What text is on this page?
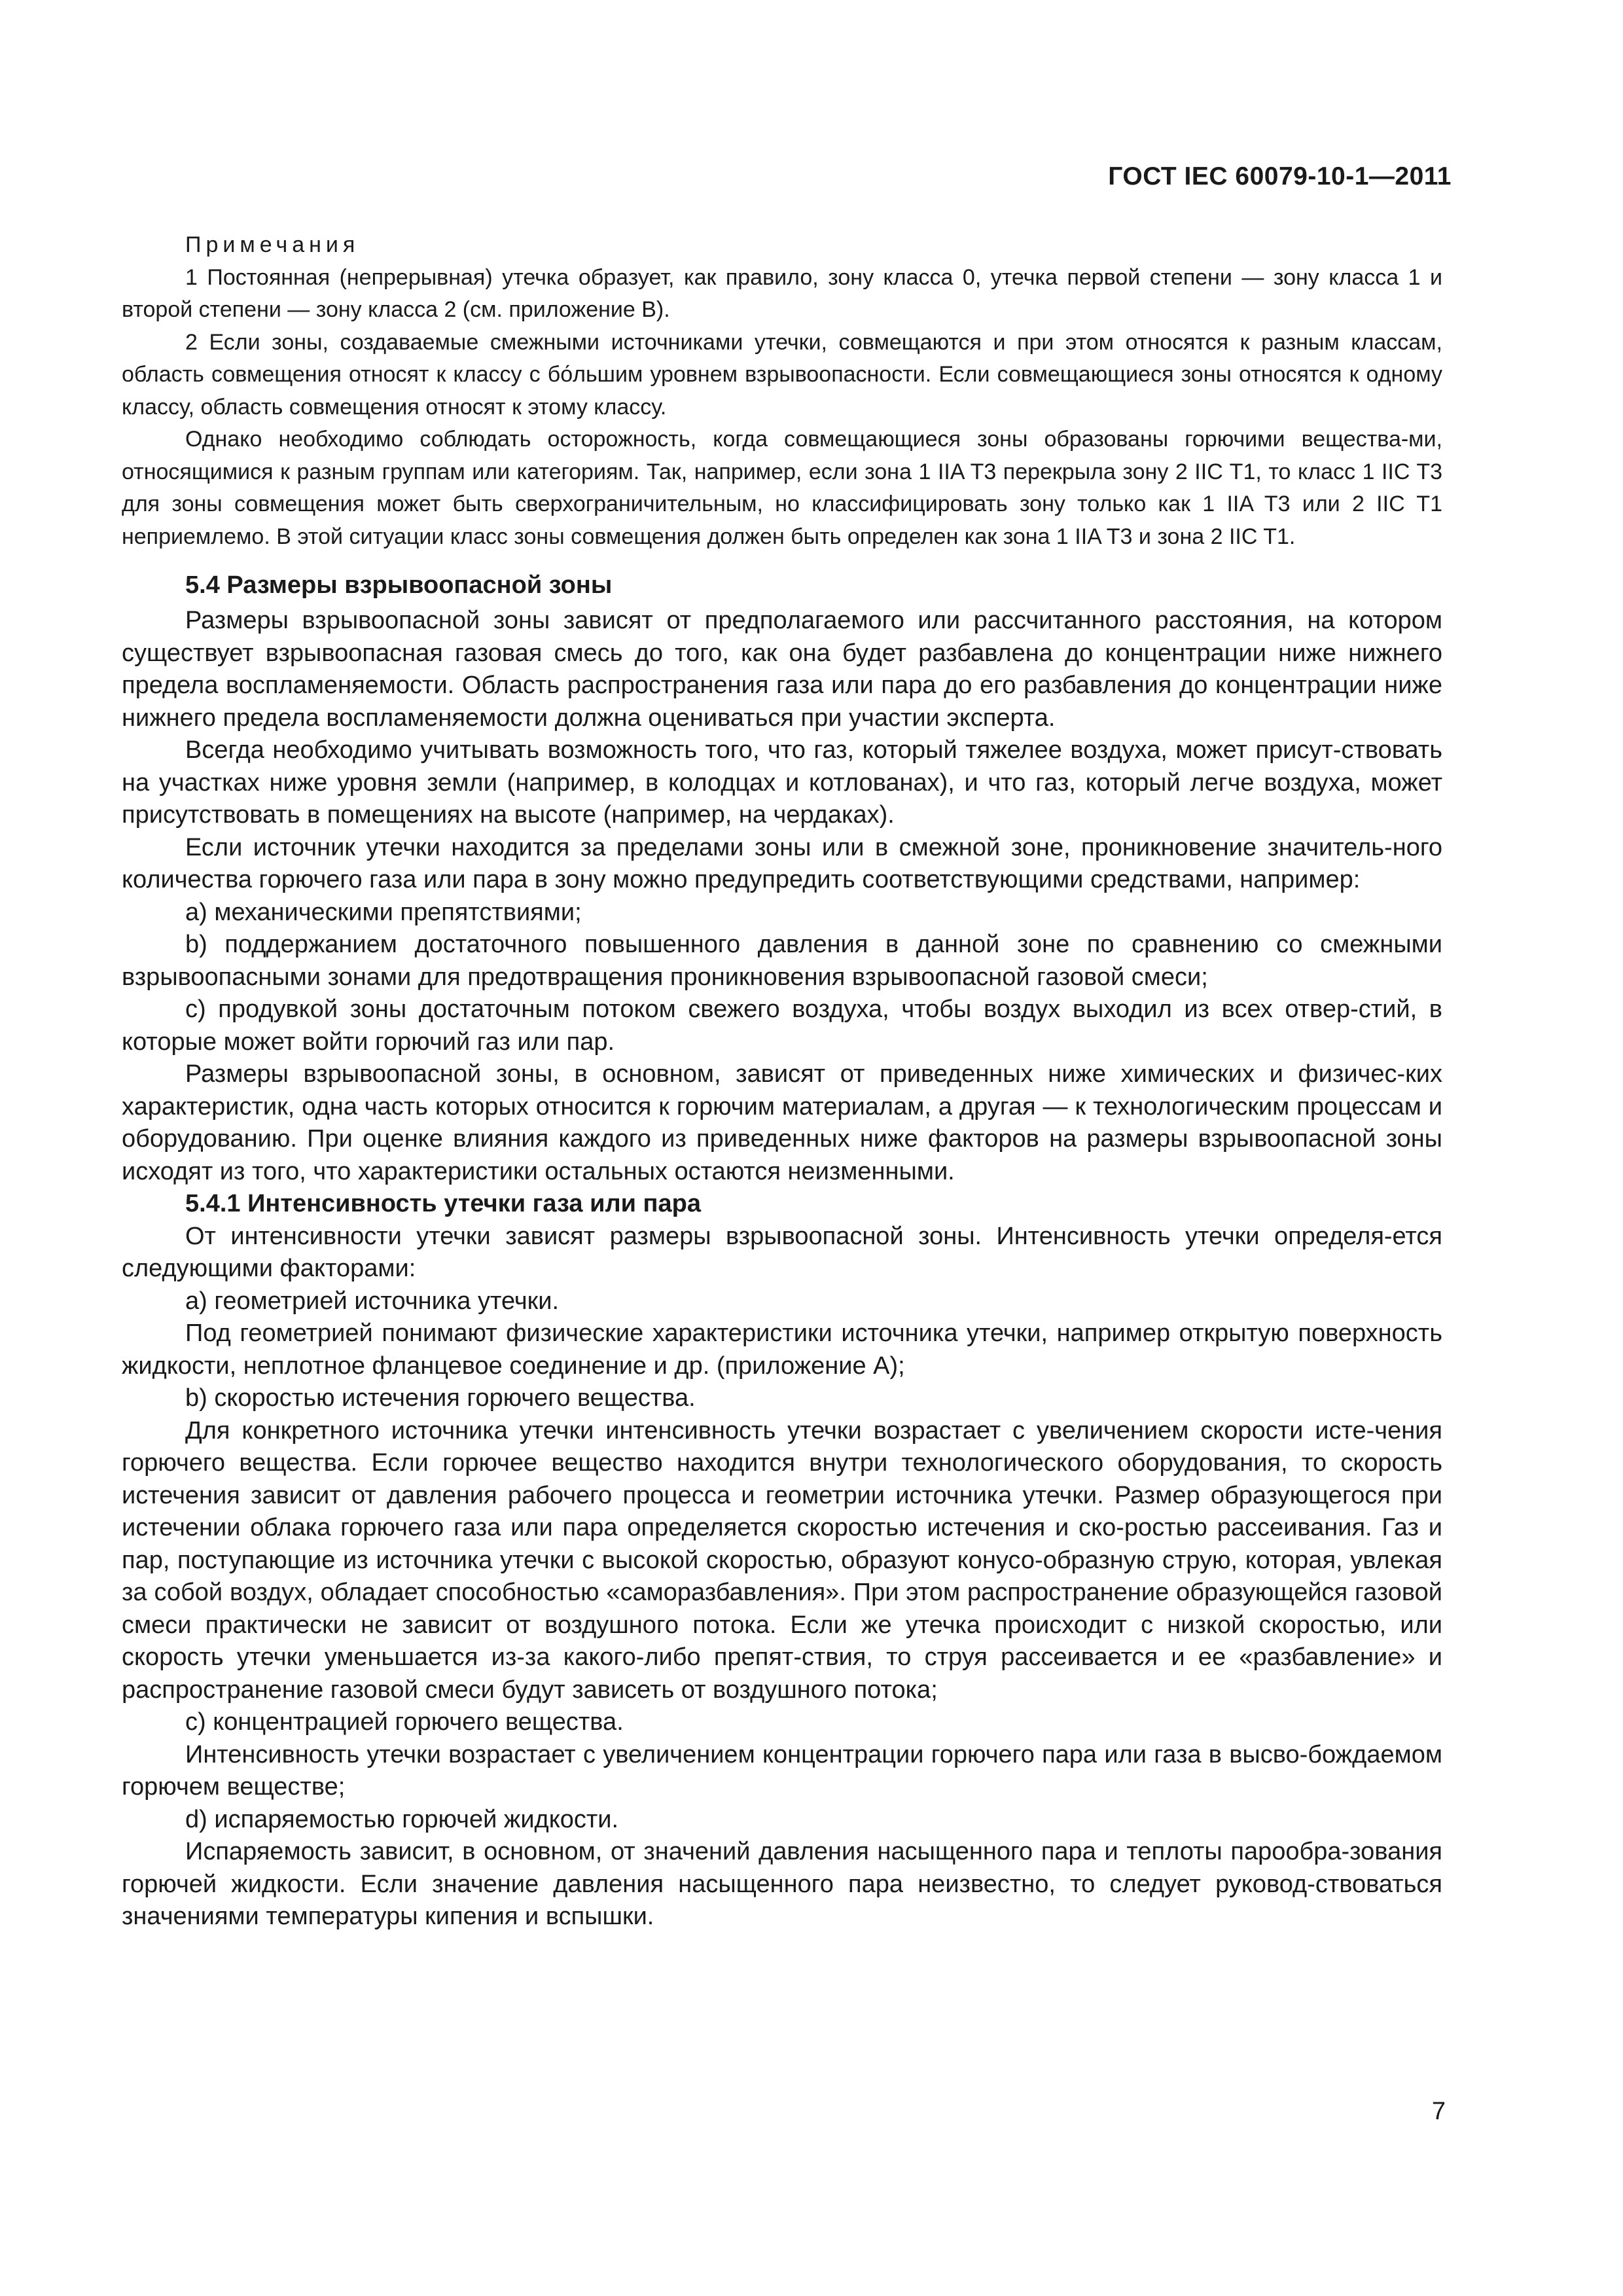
ГОСТ IEC 60079-10-1—2011

Примечания

1 Постоянная (непрерывная) утечка образует, как правило, зону класса 0, утечка первой степени — зону класса 1 и второй степени — зону класса 2 (см. приложение В).

2 Если зоны, создаваемые смежными источниками утечки, совмещаются и при этом относятся к разным классам, область совмещения относят к классу с бо́льшим уровнем взрывоопасности. Если совмещающиеся зоны относятся к одному классу, область совмещения относят к этому классу.

Однако необходимо соблюдать осторожность, когда совмещающиеся зоны образованы горючими вещества-ми, относящимися к разным группам или категориям. Так, например, если зона 1 IIA T3 перекрыла зону 2 IIC T1, то класс 1 IIC T3 для зоны совмещения может быть сверхограничительным, но классифицировать зону только как 1 IIA T3 или 2 IIC T1 неприемлемо. В этой ситуации класс зоны совмещения должен быть определен как зона 1 IIA T3 и зона 2 IIC T1.

5.4 Размеры взрывоопасной зоны

Размеры взрывоопасной зоны зависят от предполагаемого или рассчитанного расстояния, на котором существует взрывоопасная газовая смесь до того, как она будет разбавлена до концентрации ниже нижнего предела воспламеняемости. Область распространения газа или пара до его разбавления до концентрации ниже нижнего предела воспламеняемости должна оцениваться при участии эксперта.

Всегда необходимо учитывать возможность того, что газ, который тяжелее воздуха, может присут-ствовать на участках ниже уровня земли (например, в колодцах и котлованах), и что газ, который легче воздуха, может присутствовать в помещениях на высоте (например, на чердаках).

Если источник утечки находится за пределами зоны или в смежной зоне, проникновение значитель-ного количества горючего газа или пара в зону можно предупредить соответствующими средствами, например:

a) механическими препятствиями;

b) поддержанием достаточного повышенного давления в данной зоне по сравнению со смежными взрывоопасными зонами для предотвращения проникновения взрывоопасной газовой смеси;

c) продувкой зоны достаточным потоком свежего воздуха, чтобы воздух выходил из всех отвер-стий, в которые может войти горючий газ или пар.

Размеры взрывоопасной зоны, в основном, зависят от приведенных ниже химических и физичес-ких характеристик, одна часть которых относится к горючим материалам, а другая — к технологическим процессам и оборудованию. При оценке влияния каждого из приведенных ниже факторов на размеры взрывоопасной зоны исходят из того, что характеристики остальных остаются неизменными.

5.4.1 Интенсивность утечки газа или пара

От интенсивности утечки зависят размеры взрывоопасной зоны. Интенсивность утечки определя-ется следующими факторами:

a) геометрией источника утечки.

Под геометрией понимают физические характеристики источника утечки, например открытую поверхность жидкости, неплотное фланцевое соединение и др. (приложение А);

b) скоростью истечения горючего вещества.

Для конкретного источника утечки интенсивность утечки возрастает с увеличением скорости исте-чения горючего вещества. Если горючее вещество находится внутри технологического оборудования, то скорость истечения зависит от давления рабочего процесса и геометрии источника утечки. Размер образующегося при истечении облака горючего газа или пара определяется скоростью истечения и ско-ростью рассеивания. Газ и пар, поступающие из источника утечки с высокой скоростью, образуют конусо-образную струю, которая, увлекая за собой воздух, обладает способностью «саморазбавления». При этом распространение образующейся газовой смеси практически не зависит от воздушного потока. Если же утечка происходит с низкой скоростью, или скорость утечки уменьшается из-за какого-либо препят-ствия, то струя рассеивается и ее «разбавление» и распространение газовой смеси будут зависеть от воздушного потока;

c) концентрацией горючего вещества.

Интенсивность утечки возрастает с увеличением концентрации горючего пара или газа в высво-бождаемом горючем веществе;

d) испаряемостью горючей жидкости.

Испаряемость зависит, в основном, от значений давления насыщенного пара и теплоты парообра-зования горючей жидкости. Если значение давления насыщенного пара неизвестно, то следует руковод-ствоваться значениями температуры кипения и вспышки.

7
